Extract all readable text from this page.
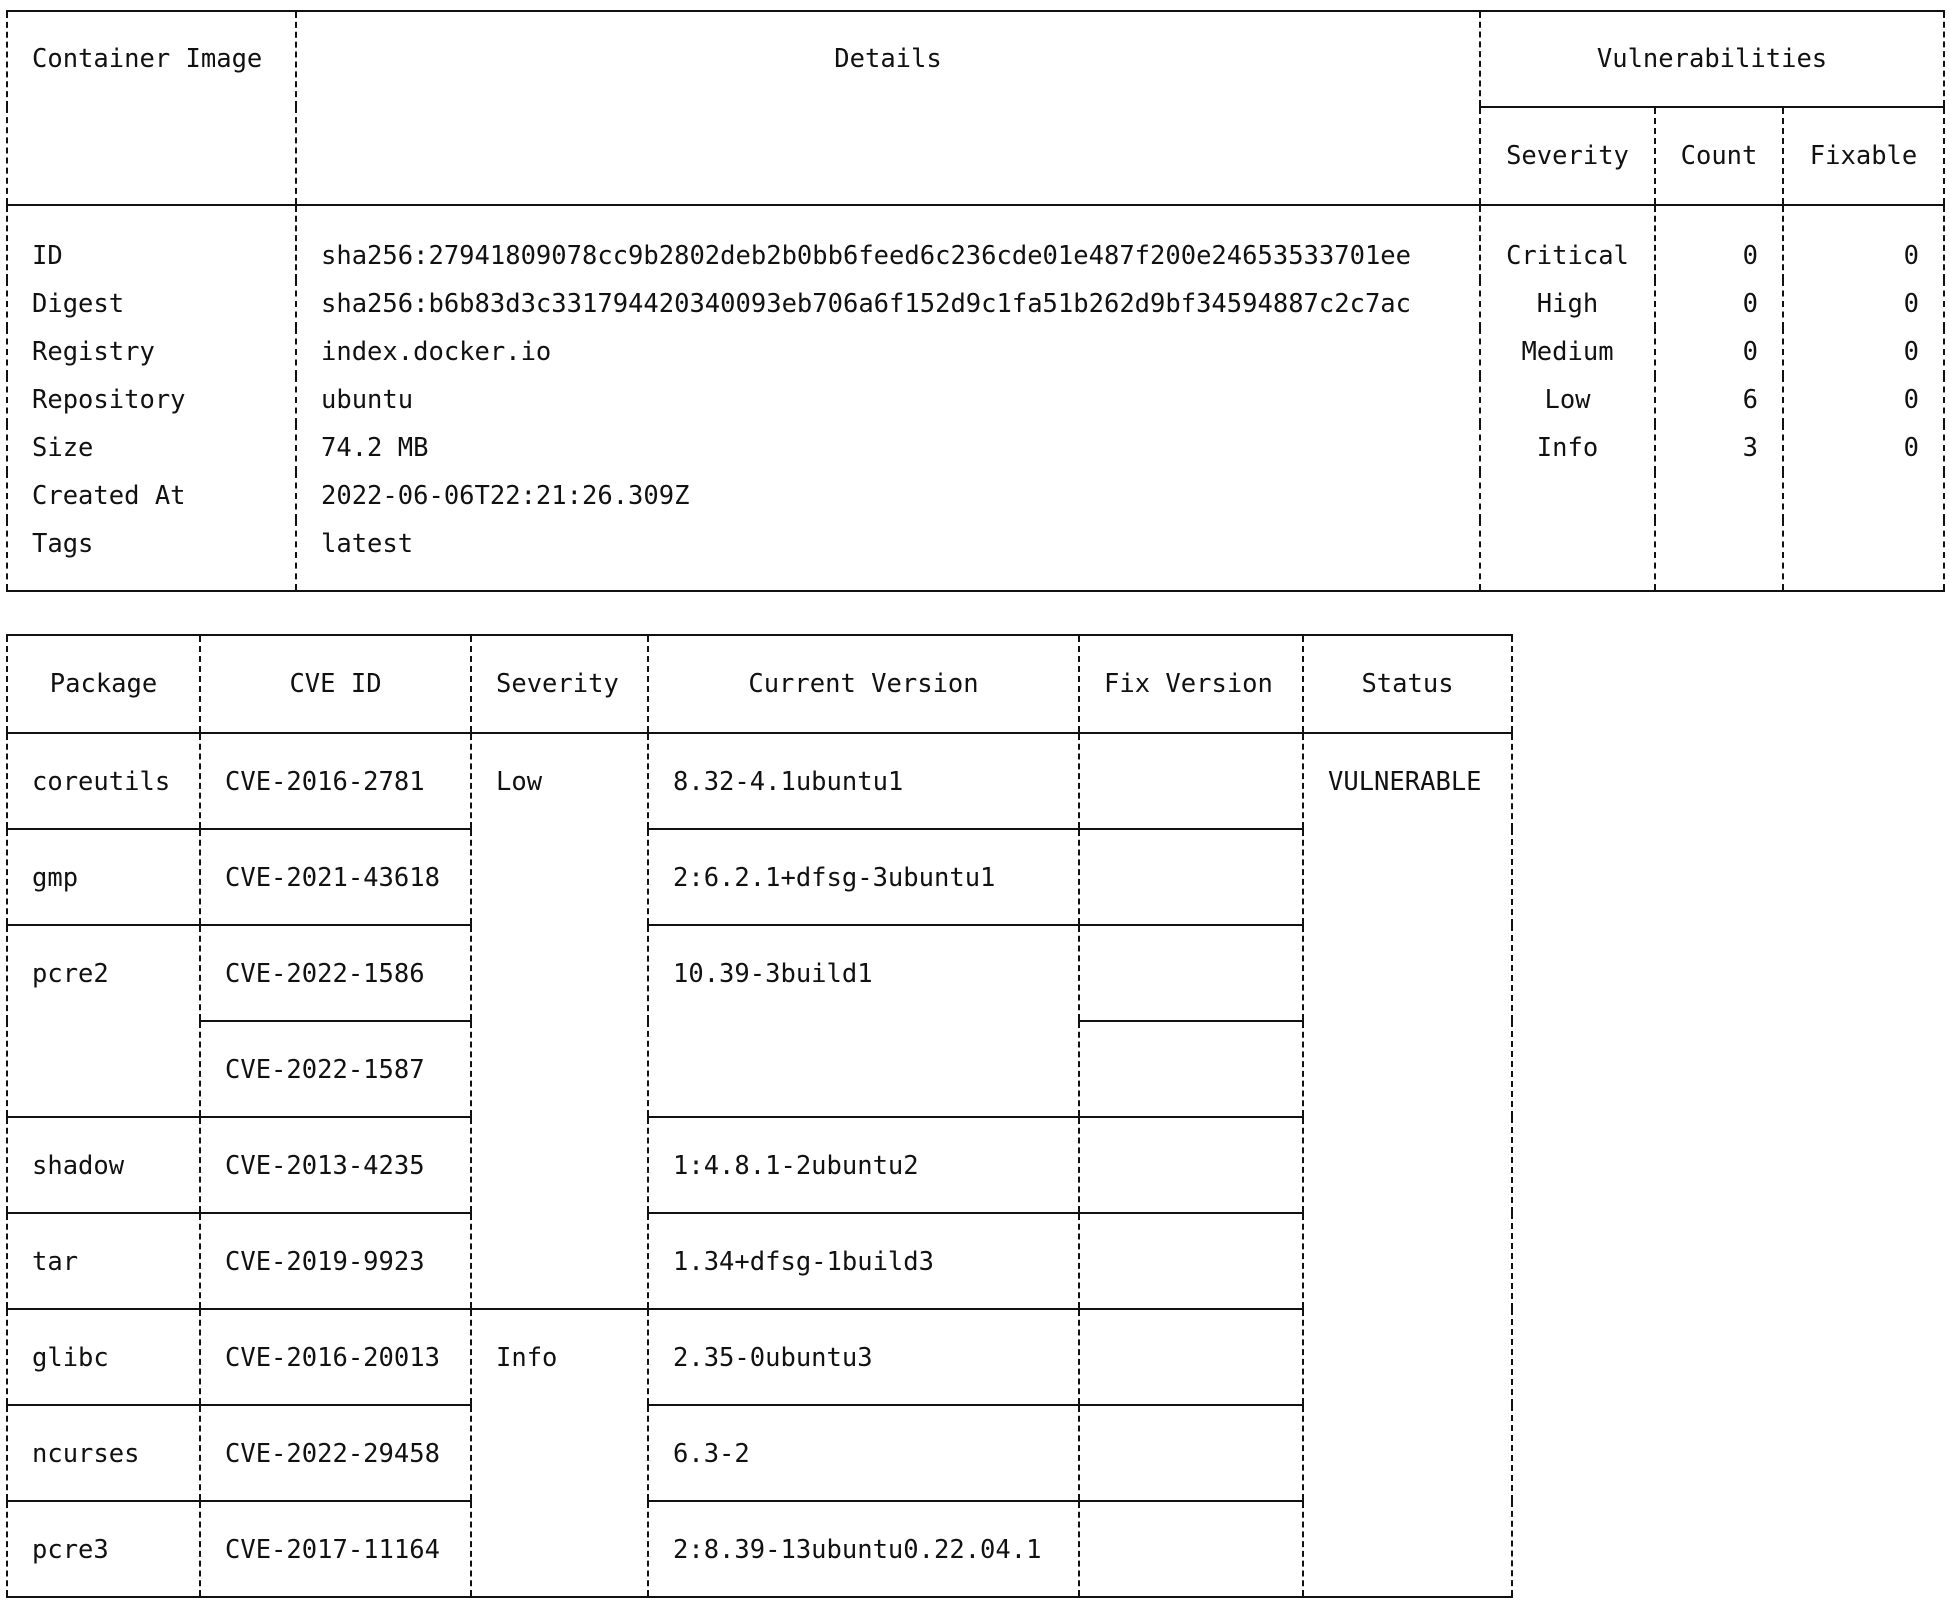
Container Image	Details	Vulnerabilities		
		Severity	Count	Fixable
ID	sha256:27941809078cc9b2802deb2b0bb6feed6c236cde01e487f200e24653533701ee	Critical	0	0
Digest	sha256:b6b83d3c331794420340093eb706a6f152d9c1fa51b262d9bf34594887c2c7ac	High	0	0
Registry	index.docker.io	Medium	0	0
Repository	ubuntu	Low	6	0
Size	74.2 MB	Info	3	0
Created At	2022-06-06T22:21:26.309Z			
Tags	latest			
Package	CVE ID	Severity	Current Version	Fix Version	Status
coreutils	CVE-2016-2781	Low	8.32-4.1ubuntu1		VULNERABLE
gmp	CVE-2021-43618		2:6.2.1+dfsg-3ubuntu1		
pcre2	CVE-2022-1586		10.39-3build1		
	CVE-2022-1587				
shadow	CVE-2013-4235		1:4.8.1-2ubuntu2		
tar	CVE-2019-9923		1.34+dfsg-1build3		
glibc	CVE-2016-20013	Info	2.35-0ubuntu3		
ncurses	CVE-2022-29458		6.3-2		
pcre3	CVE-2017-11164		2:8.39-13ubuntu0.22.04.1		
